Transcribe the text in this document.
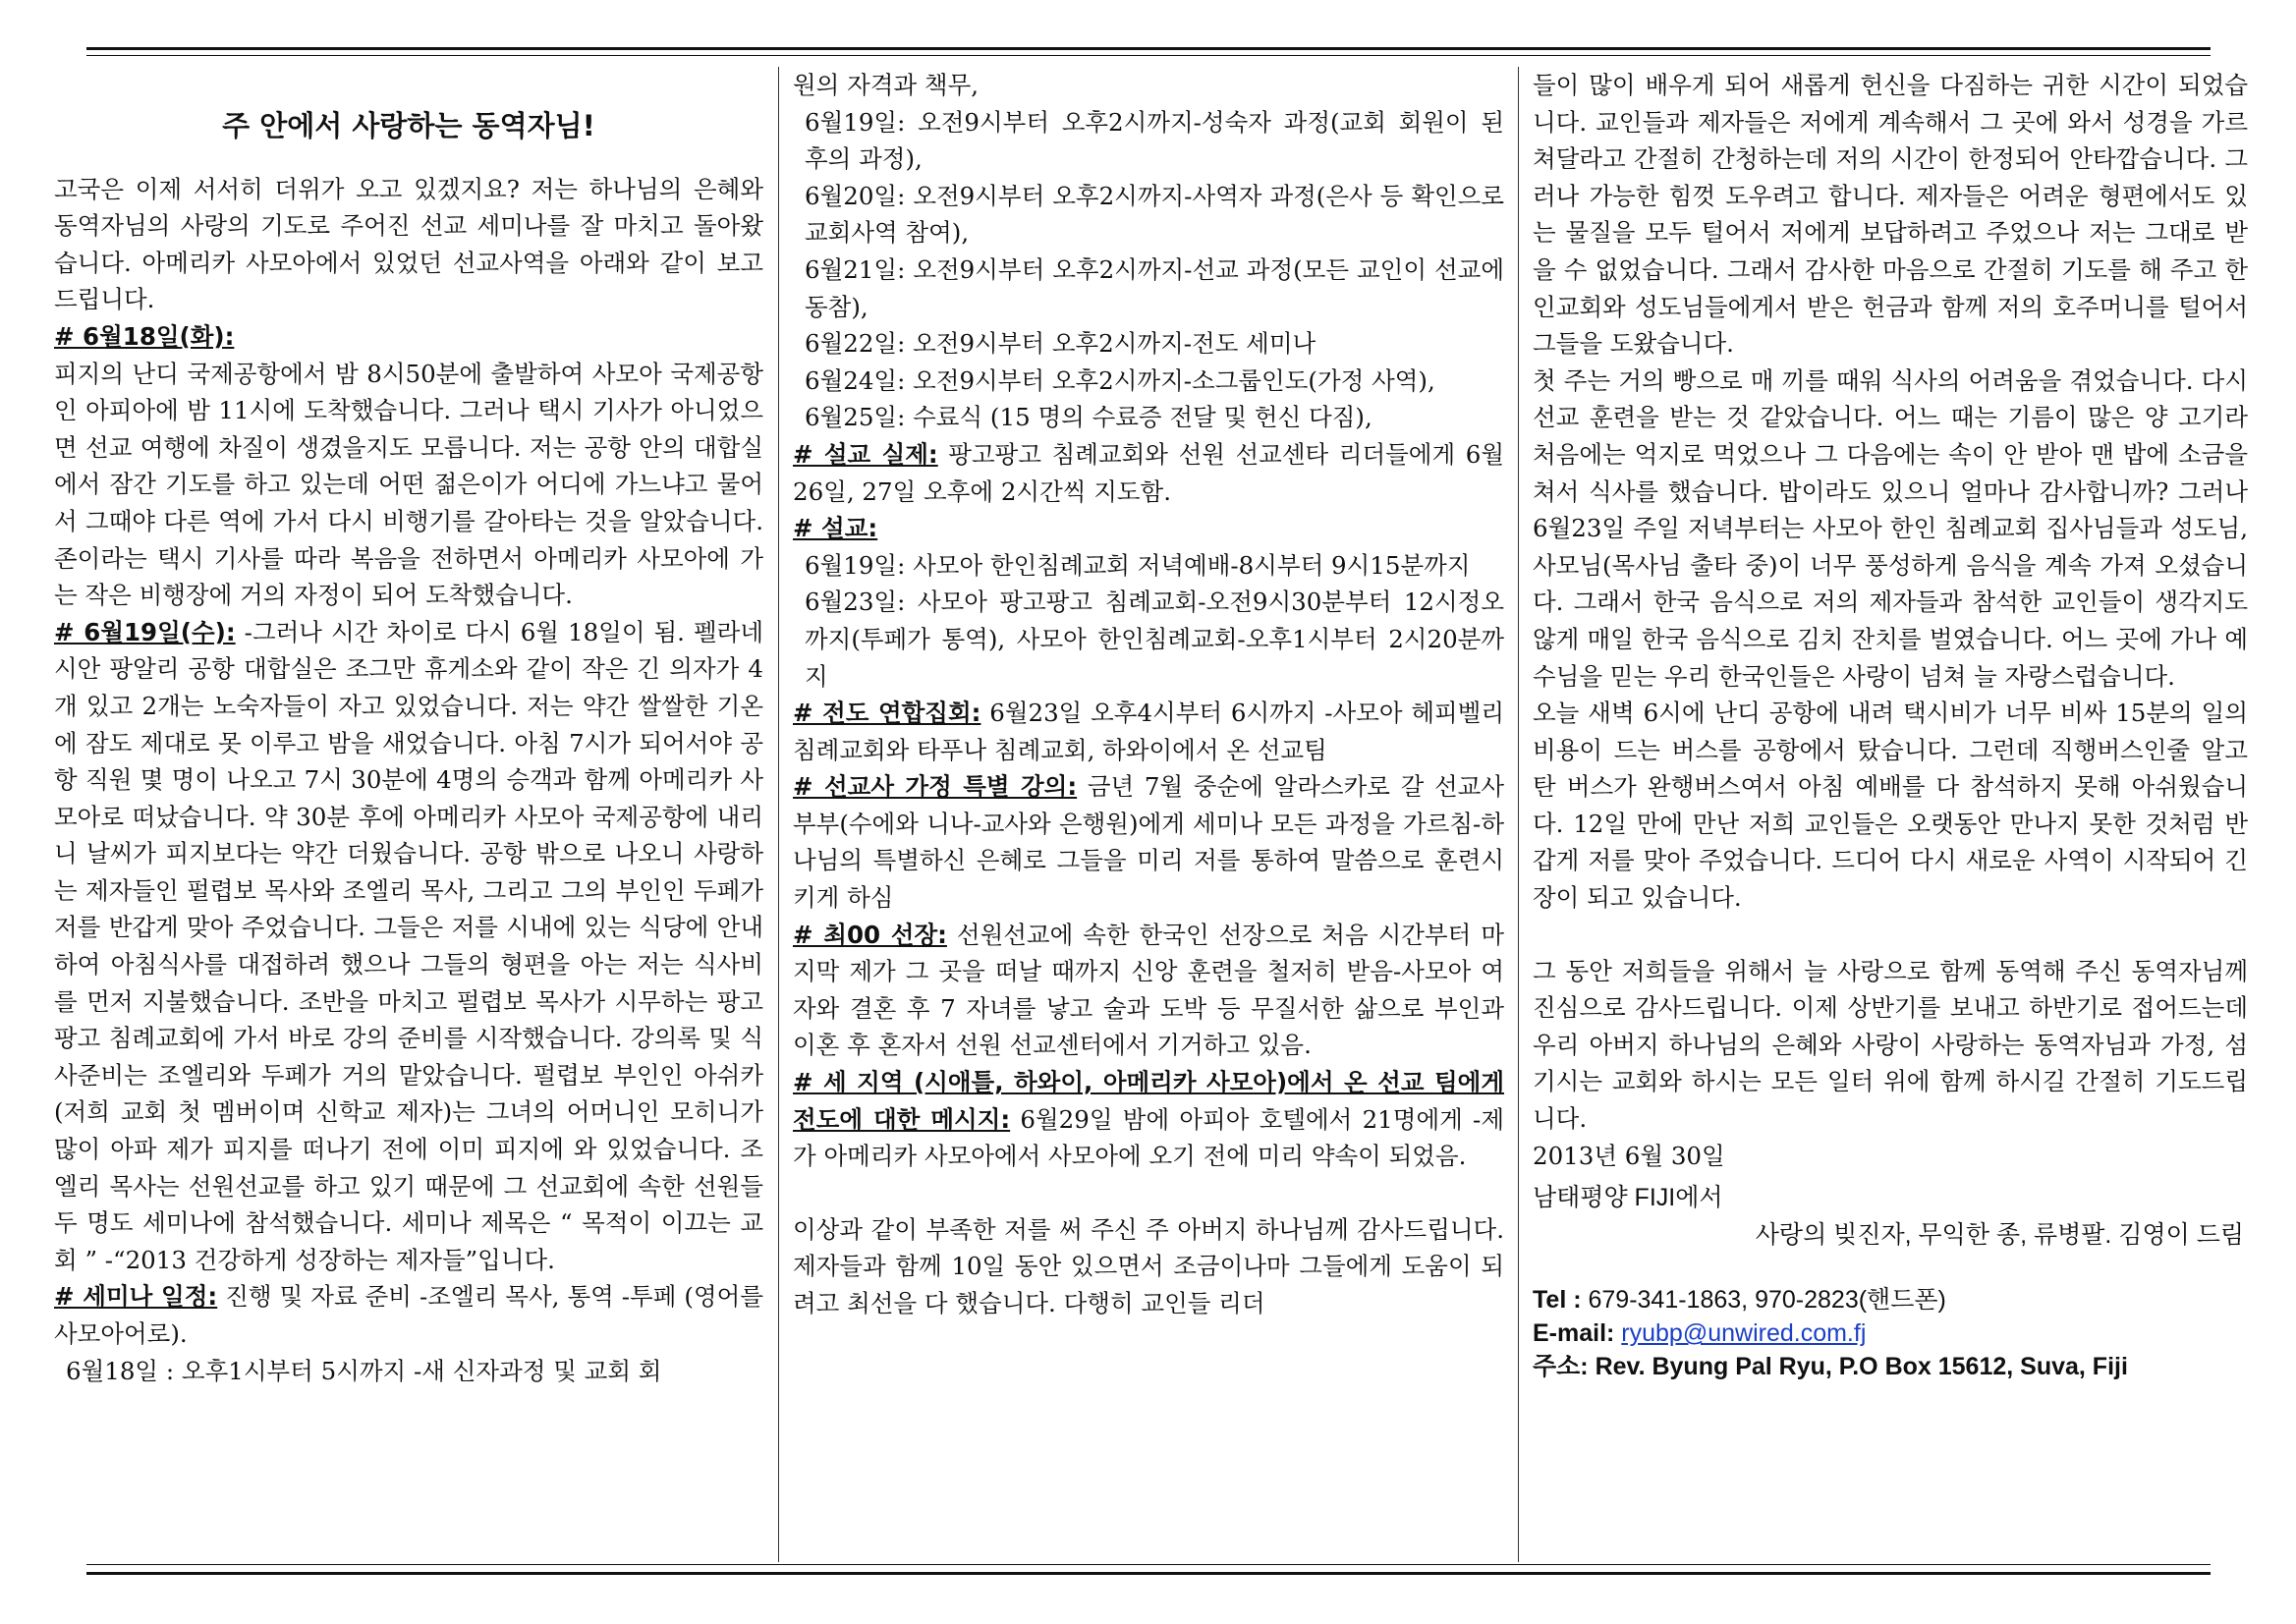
주 안에서 사랑하는 동역자님!

고국은 이제 서서히 더위가 오고 있겠지요? 저는 하나님의 은혜와 동역자님의 사랑의 기도로 주어진 선교 세미나를 잘 마치고 돌아왔습니다. 아메리카 사모아에서 있었던 선교사역을 아래와 같이 보고 드립니다.

# 6월18일(화):

피지의 난디 국제공항에서 밤 8시50분에 출발하여 사모아 국제공항인 아피아에 밤 11시에 도착했습니다. 그러나 택시 기사가 아니었으면 선교 여행에 차질이 생겼을지도 모릅니다. 저는 공항 안의 대합실에서 잠간 기도를 하고 있는데 어떤 젊은이가 어디에 가느냐고 물어서 그때야 다른 역에 가서 다시 비행기를 갈아타는 것을 알았습니다. 존이라는 택시 기사를 따라 복음을 전하면서 아메리카 사모아에 가는 작은 비행장에 거의 자정이 되어 도착했습니다.

# 6월19일(수): -그러나 시간 차이로 다시 6월 18일이 됨. 펠라네시안 팡알리 공항 대합실은 조그만 휴게소와 같이 작은 긴 의자가 4개 있고 2개는 노숙자들이 자고 있었습니다. 저는 약간 쌀쌀한 기온에 잠도 제대로 못 이루고 밤을 새었습니다. 아침 7시가 되어서야 공항 직원 몇 명이 나오고 7시 30분에 4명의 승객과 함께 아메리카 사모아로 떠났습니다. 약 30분 후에 아메리카 사모아 국제공항에 내리니 날씨가 피지보다는 약간 더웠습니다. 공항 밖으로 나오니 사랑하는 제자들인 펄렵보 목사와 조엘리 목사, 그리고 그의 부인인 두페가 저를 반갑게 맞아 주었습니다. 그들은 저를 시내에 있는 식당에 안내하여 아침식사를 대접하려 했으나 그들의 형편을 아는 저는 식사비를 먼저 지불했습니다. 조반을 마치고 펄렵보 목사가 시무하는 팡고팡고 침례교회에 가서 바로 강의 준비를 시작했습니다. 강의록 및 식사준비는 조엘리와 두페가 거의 맡았습니다. 펄렵보 부인인 아쉬카 (저희 교회 첫 멤버이며 신학교 제자)는 그녀의 어머니인 모히니가 많이 아파 제가 피지를 떠나기 전에 이미 피지에 와 있었습니다. 조엘리 목사는 선원선교를 하고 있기 때문에 그 선교회에 속한 선원들 두 명도 세미나에 참석했습니다. 세미나 제목은 “ 목적이 이끄는 교회 ” -“2013 건강하게 성장하는 제자들”입니다.

# 세미나 일정: 진행 및 자료 준비 -조엘리 목사, 통역 -투페 (영어를 사모아어로).

6월18일 : 오후1시부터 5시까지 -새 신자과정 및 교회 회

원의 자격과 책무,

6월19일: 오전9시부터 오후2시까지-성숙자 과정(교회 회원이 된 후의 과정),

6월20일: 오전9시부터 오후2시까지-사역자 과정(은사 등 확인으로 교회사역 참여),

6월21일: 오전9시부터 오후2시까지-선교 과정(모든 교인이 선교에 동참),

6월22일: 오전9시부터 오후2시까지-전도 세미나

6월24일: 오전9시부터 오후2시까지-소그룹인도(가정 사역),

6월25일: 수료식 (15 명의 수료증 전달 및 헌신 다짐),

# 설교 실제: 팡고팡고 침례교회와 선원 선교센타 리더들에게 6월26일, 27일 오후에 2시간씩 지도함.

# 설교:

6월19일: 사모아 한인침례교회 저녁예배-8시부터 9시15분까지

6월23일: 사모아 팡고팡고 침례교회-오전9시30분부터 12시정오까지(투페가 통역), 사모아 한인침례교회-오후1시부터 2시20분까지

# 전도 연합집회: 6월23일 오후4시부터 6시까지 -사모아 헤피벨리 침례교회와 타푸나 침례교회, 하와이에서 온 선교팀

# 선교사 가정 특별 강의: 금년 7월 중순에 알라스카로 갈 선교사 부부(수에와 니나-교사와 은행원)에게 세미나 모든 과정을 가르침-하나님의 특별하신 은혜로 그들을 미리 저를 통하여 말씀으로 훈련시키게 하심

# 최00 선장: 선원선교에 속한 한국인 선장으로 처음 시간부터 마지막 제가 그 곳을 떠날 때까지 신앙 훈련을 철저히 받음-사모아 여자와 결혼 후 7 자녀를 낳고 술과 도박 등 무질서한 삶으로 부인과 이혼 후 혼자서 선원 선교센터에서 기거하고 있음.

# 세 지역 (시애틀, 하와이, 아메리카 사모아)에서 온 선교 팀에게 전도에 대한 메시지: 6월29일 밤에 아피아 호텔에서 21명에게 -제가 아메리카 사모아에서 사모아에 오기 전에 미리 약속이 되었음.

이상과 같이 부족한 저를 써 주신 주 아버지 하나님께 감사드립니다. 제자들과 함께 10일 동안 있으면서 조금이나마 그들에게 도움이 되려고 최선을 다 했습니다. 다행히 교인들 리더

들이 많이 배우게 되어 새롭게 헌신을 다짐하는 귀한 시간이 되었습니다. 교인들과 제자들은 저에게 계속해서 그 곳에 와서 성경을 가르쳐달라고 간절히 간청하는데 저의 시간이 한정되어 안타깝습니다. 그러나 가능한 힘껏 도우려고 합니다. 제자들은 어려운 형편에서도 있는 물질을 모두 털어서 저에게 보답하려고 주었으나 저는 그대로 받을 수 없었습니다. 그래서 감사한 마음으로 간절히 기도를 해 주고 한인교회와 성도님들에게서 받은 헌금과 함께 저의 호주머니를 털어서 그들을 도왔습니다.

첫 주는 거의 빵으로 매 끼를 때워 식사의 어려움을 겪었습니다. 다시 선교 훈련을 받는 것 같았습니다. 어느 때는 기름이 많은 양 고기라 처음에는 억지로 먹었으나 그 다음에는 속이 안 받아 맨 밥에 소금을 쳐서 식사를 했습니다. 밥이라도 있으니 얼마나 감사합니까? 그러나 6월23일 주일 저녁부터는 사모아 한인 침례교회 집사님들과 성도님, 사모님(목사님 출타 중)이 너무 풍성하게 음식을 계속 가져 오셨습니다. 그래서 한국 음식으로 저의 제자들과 참석한 교인들이 생각지도 않게 매일 한국 음식으로 김치 잔치를 벌였습니다. 어느 곳에 가나 예수님을 믿는 우리 한국인들은 사랑이 넘쳐 늘 자랑스럽습니다.

오늘 새벽 6시에 난디 공항에 내려 택시비가 너무 비싸 15분의 일의 비용이 드는 버스를 공항에서 탔습니다. 그런데 직행버스인줄 알고 탄 버스가 완행버스여서 아침 예배를 다 참석하지 못해 아쉬웠습니다. 12일 만에 만난 저희 교인들은 오랫동안 만나지 못한 것처럼 반갑게 저를 맞아 주었습니다. 드디어 다시 새로운 사역이 시작되어 긴장이 되고 있습니다.

그 동안 저희들을 위해서 늘 사랑으로 함께 동역해 주신 동역자님께 진심으로 감사드립니다. 이제 상반기를 보내고 하반기로 접어드는데 우리 아버지 하나님의 은혜와 사랑이 사랑하는 동역자님과 가정, 섬기시는 교회와 하시는 모든 일터 위에 함께 하시길 간절히 기도드립니다.

2013년 6월 30일

남태평양 FIJI에서
사랑의 빚진자, 무익한 종, 류병팔. 김영이 드림
Tel : 679-341-1863, 970-2823(핸드폰)
E-mail: ryubp@unwired.com.fj
주소: Rev. Byung Pal Ryu, P.O Box 15612, Suva, Fiji
